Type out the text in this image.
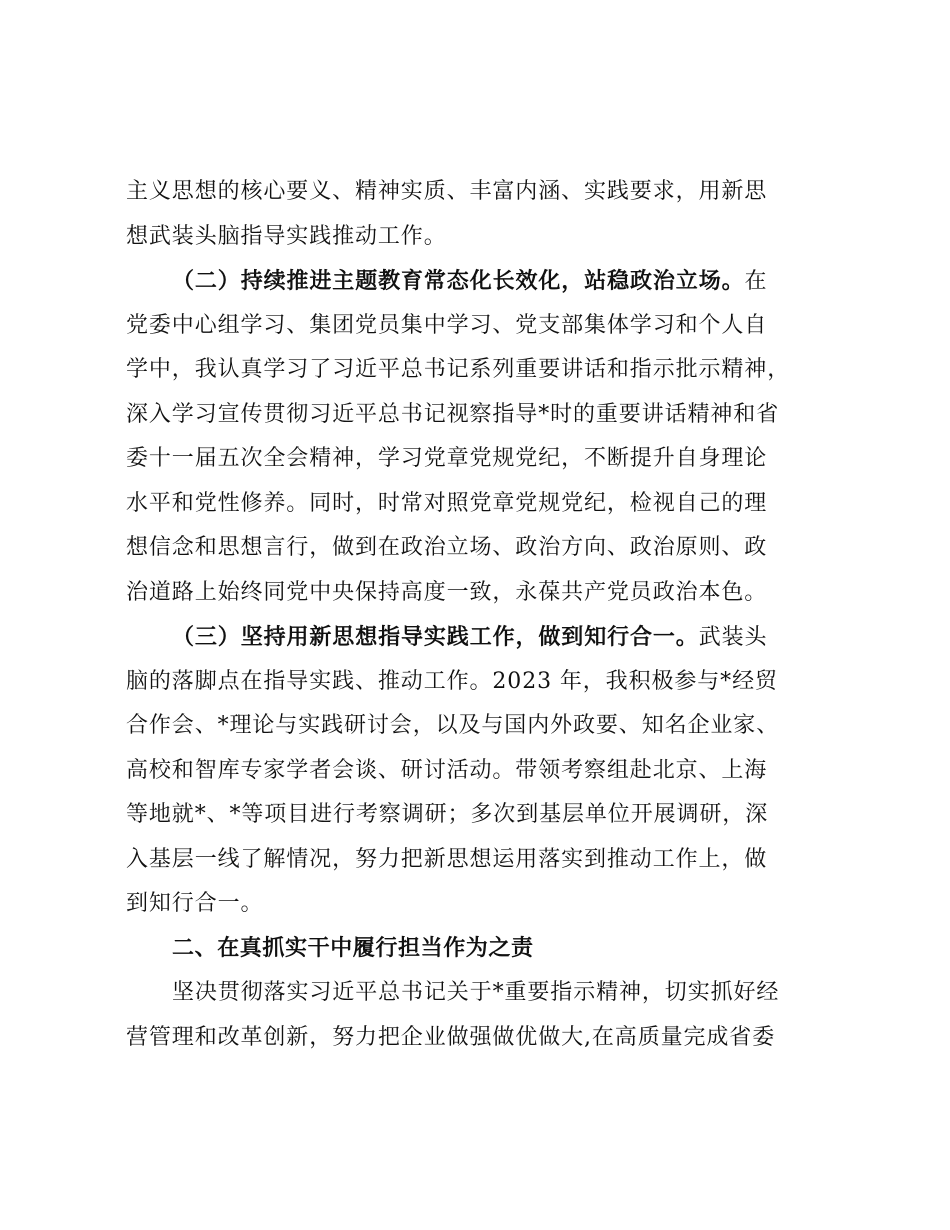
主义思想的核心要义、精神实质、丰富内涵、实践要求，用新思
想武装头脑指导实践推动工作。
（二）持续推进主题教育常态化长效化，站稳政治立场。在
党委中心组学习、集团党员集中学习、党支部集体学习和个人自
学中，我认真学习了习近平总书记系列重要讲话和指示批示精神，
深入学习宣传贯彻习近平总书记视察指导*时的重要讲话精神和省
委十一届五次全会精神，学习党章党规党纪，不断提升自身理论
水平和党性修养。同时，时常对照党章党规党纪，检视自己的理
想信念和思想言行，做到在政治立场、政治方向、政治原则、政
治道路上始终同党中央保持高度一致，永葆共产党员政治本色。
（三）坚持用新思想指导实践工作，做到知行合一。武装头
脑的落脚点在指导实践、推动工作。2023 年，我积极参与*经贸
合作会、*理论与实践研讨会，以及与国内外政要、知名企业家、
高校和智库专家学者会谈、研讨活动。带领考察组赴北京、上海
等地就*、*等项目进行考察调研；多次到基层单位开展调研，深
入基层一线了解情况，努力把新思想运用落实到推动工作上，做
到知行合一。
二、在真抓实干中履行担当作为之责
坚决贯彻落实习近平总书记关于*重要指示精神，切实抓好经
营管理和改革创新，努力把企业做强做优做大,在高质量完成省委
